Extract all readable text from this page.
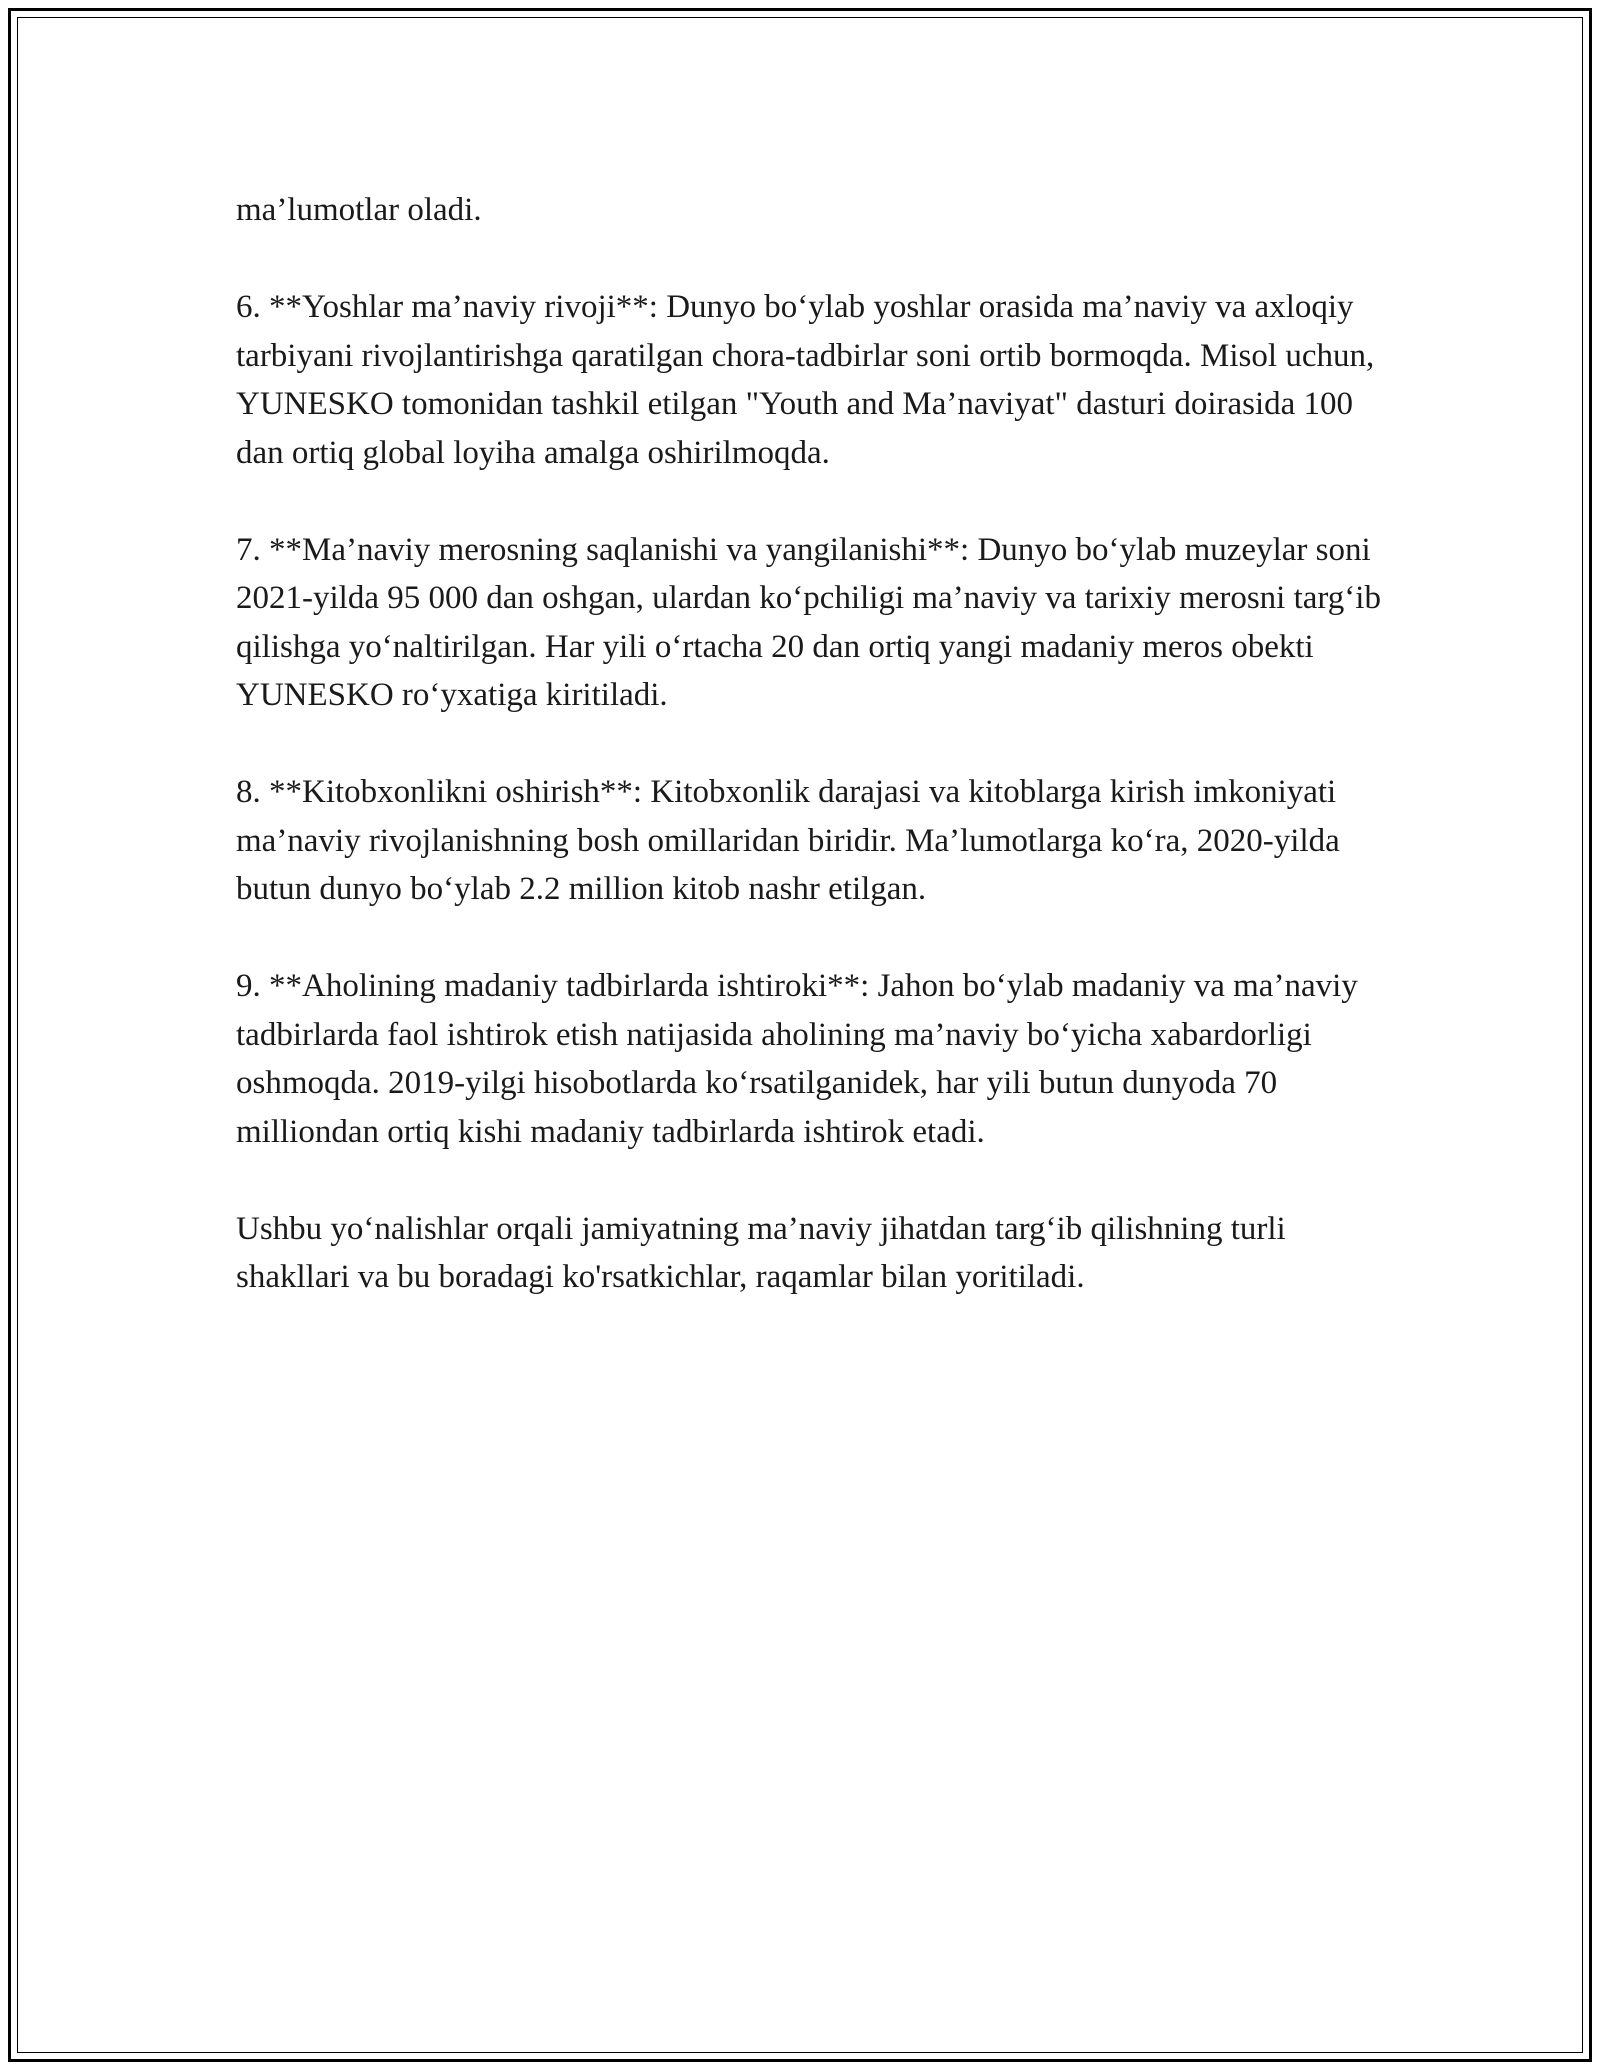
ma’lumotlar oladi.

6. **Yoshlar ma’naviy rivoji**: Dunyo bo‘ylab yoshlar orasida ma’naviy va axloqiy tarbiyani rivojlantirishga qaratilgan chora-tadbirlar soni ortib bormoqda. Misol uchun, YUNESKO tomonidan tashkil etilgan "Youth and Ma’naviyat" dasturi doirasida 100 dan ortiq global loyiha amalga oshirilmoqda.

7. **Ma’naviy merosning saqlanishi va yangilanishi**: Dunyo bo‘ylab muzeylar soni 2021-yilda 95 000 dan oshgan, ulardan ko‘pchiligi ma’naviy va tarixiy merosni targ‘ib qilishga yo‘naltirilgan. Har yili o‘rtacha 20 dan ortiq yangi madaniy meros obekti YUNESKO ro‘yxatiga kiritiladi.

8. **Kitobxonlikni oshirish**: Kitobxonlik darajasi va kitoblarga kirish imkoniyati ma’naviy rivojlanishning bosh omillaridan biridir. Ma’lumotlarga ko‘ra, 2020-yilda butun dunyo bo‘ylab 2.2 million kitob nashr etilgan.

9. **Aholining madaniy tadbirlarda ishtiroki**: Jahon bo‘ylab madaniy va ma’naviy tadbirlarda faol ishtirok etish natijasida aholining ma’naviy bo‘yicha xabardorligi oshmoqda. 2019-yilgi hisobotlarda ko‘rsatilganidek, har yili butun dunyoda 70 milliondan ortiq kishi madaniy tadbirlarda ishtirok etadi.

Ushbu yo‘nalishlar orqali jamiyatning ma’naviy jihatdan targ‘ib qilishning turli shakllari va bu boradagi ko'rsatkichlar, raqamlar bilan yoritiladi.
